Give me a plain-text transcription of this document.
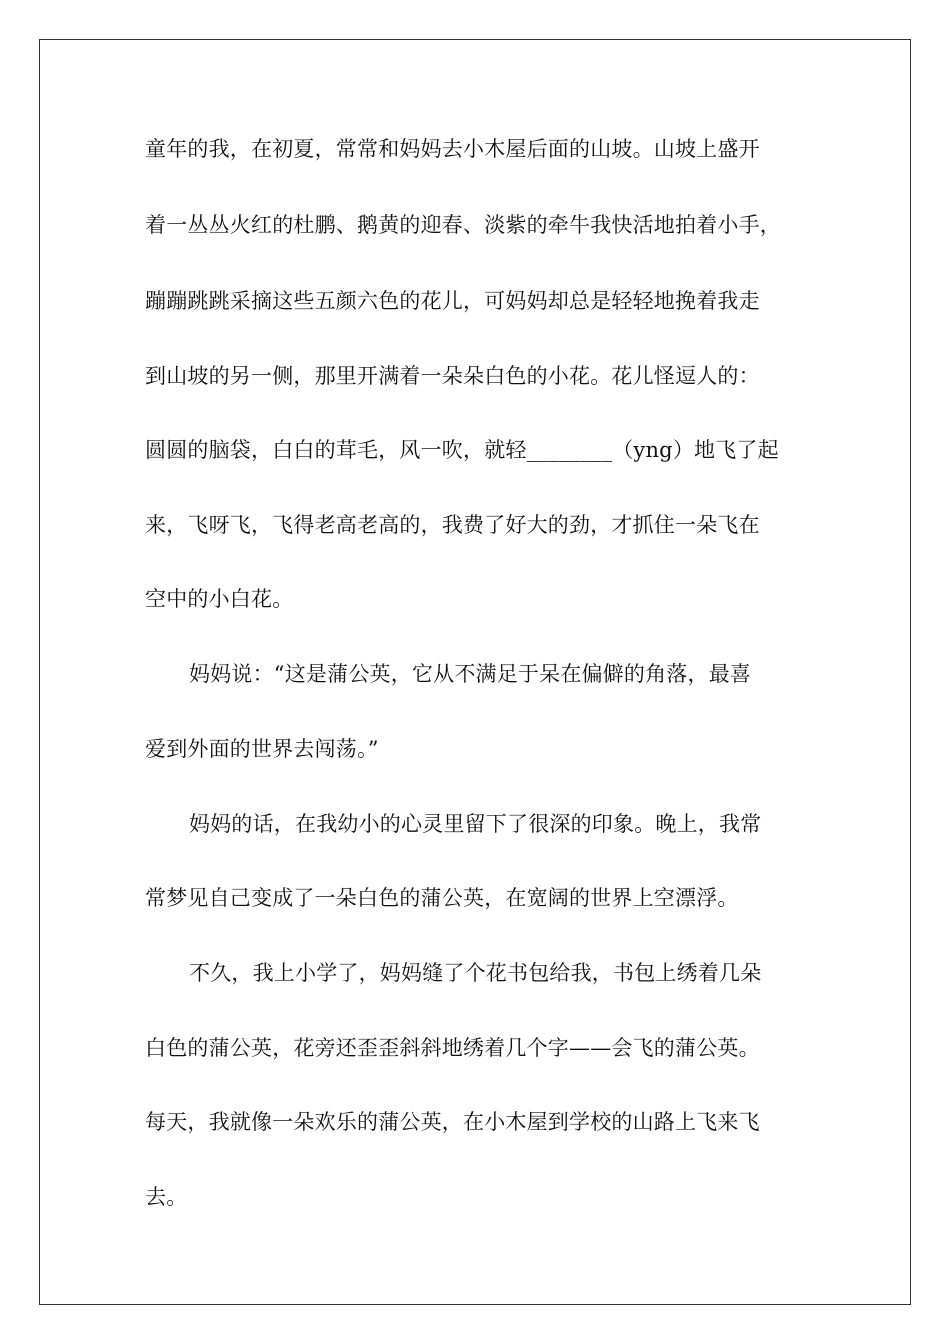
童年的我，在初夏，常常和妈妈去小木屋后面的山坡。山坡上盛开
着一丛丛火红的杜鹏、鹅黄的迎春、淡紫的牵牛我快活地拍着小手，
蹦蹦跳跳采摘这些五颜六色的花儿，可妈妈却总是轻轻地挽着我走
到山坡的另一侧，那里开满着一朵朵白色的小花。花儿怪逗人的：
圆圆的脑袋，白白的茸毛，风一吹，就轻________（yng）地飞了起
来，飞呀飞，飞得老高老高的，我费了好大的劲，才抓住一朵飞在
空中的小白花。
妈妈说：“这是蒲公英，它从不满足于呆在偏僻的角落，最喜
爱到外面的世界去闯荡。”
妈妈的话，在我幼小的心灵里留下了很深的印象。晚上，我常
常梦见自己变成了一朵白色的蒲公英，在宽阔的世界上空漂浮。
不久，我上小学了，妈妈缝了个花书包给我，书包上绣着几朵
白色的蒲公英，花旁还歪歪斜斜地绣着几个字——会飞的蒲公英。
每天，我就像一朵欢乐的蒲公英，在小木屋到学校的山路上飞来飞
去。
